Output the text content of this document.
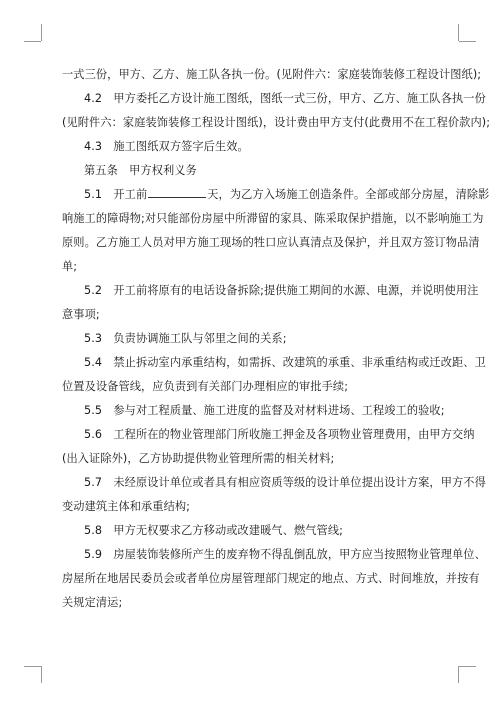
一式三份，甲方、乙方、施工队各执一份。(见附件六：家庭装饰装修工程设计图纸);
4.2　甲方委托乙方设计施工图纸，图纸一式三份，甲方、乙方、施工队各执一份
(见附件六：家庭装饰装修工程设计图纸)，设计费由甲方支付(此费用不在工程价款内);
4.3　施工图纸双方签字后生效。
第五条　甲方权利义务
5.1　开工前	天，为乙方入场施工创造条件。全部或部分房屋，清除影
响施工的障碍物;对只能部份房屋中所滞留的家具、陈采取保护措施，以不影响施工为
原则。乙方施工人员对甲方施工现场的牲口应认真清点及保护，并且双方签订物品清
单;
5.2　开工前将原有的电话设备拆除;提供施工期间的水源、电源，并说明使用注
意事项;
5.3　负责协调施工队与邻里之间的关系;
5.4　禁止拆动室内承重结构，如需拆、改建筑的承重、非承重结构或迁改距、卫
位置及设备管线，应负责到有关部门办理相应的审批手续;
5.5　参与对工程质量、施工进度的监督及对材料进场、工程竣工的验收;
5.6　工程所在的物业管理部门所收施工押金及各项物业管理费用，由甲方交纳
(出入证除外)，乙方协助提供物业管理所需的相关材料;
5.7　未经原设计单位或者具有相应资质等级的设计单位提出设计方案，甲方不得
变动建筑主体和承重结构;
5.8　甲方无权要求乙方移动或改建暖气、燃气管线;
5.9　房屋装饰装修所产生的废弃物不得乱倒乱放，甲方应当按照物业管理单位、
房屋所在地居民委员会或者单位房屋管理部门规定的地点、方式、时间堆放，并按有
关规定清运;
